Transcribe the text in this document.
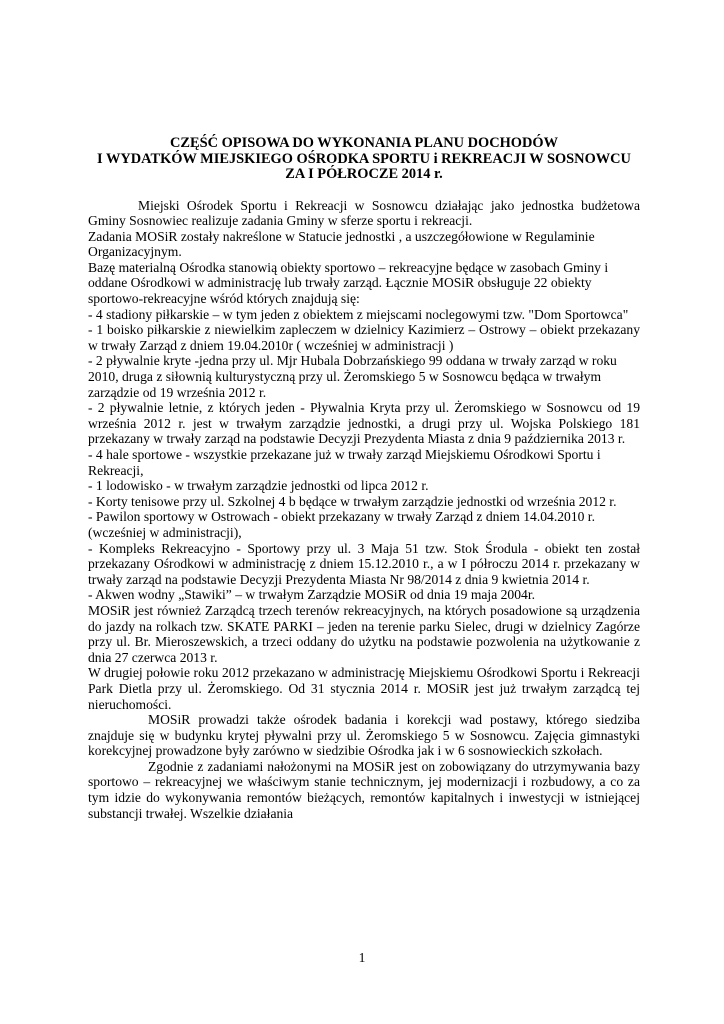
CZĘŚĆ OPISOWA DO WYKONANIA PLANU DOCHODÓW
I WYDATKÓW MIEJSKIEGO OŚRODKA SPORTU i REKREACJI W SOSNOWCU
ZA I PÓŁROCZE 2014 r.

Miejski Ośrodek Sportu i Rekreacji w Sosnowcu działając jako jednostka budżetowa Gminy Sosnowiec realizuje zadania Gminy w sferze sportu i rekreacji.

Zadania MOSiR zostały nakreślone w Statucie jednostki , a uszczegółowione w Regulaminie Organizacyjnym.

Bazę materialną Ośrodka stanowią obiekty sportowo – rekreacyjne będące w zasobach Gminy i oddane Ośrodkowi w administrację lub trwały zarząd. Łącznie MOSiR obsługuje 22 obiekty sportowo-rekreacyjne wśród których znajdują się:

- 4 stadiony piłkarskie – w tym jeden z obiektem z miejscami noclegowymi tzw. "Dom Sportowca"

- 1 boisko piłkarskie z niewielkim zapleczem w dzielnicy Kazimierz – Ostrowy – obiekt przekazany w trwały Zarząd z dniem 19.04.2010r ( wcześniej w administracji )

- 2 pływalnie kryte -jedna przy ul. Mjr Hubala Dobrzańskiego 99 oddana w trwały zarząd w roku 2010, druga z siłownią kulturystyczną przy ul. Żeromskiego 5 w Sosnowcu będąca w trwałym zarządzie od 19 września 2012 r.

- 2 pływalnie letnie, z których jeden - Pływalnia Kryta przy ul. Żeromskiego w Sosnowcu od 19 września 2012 r. jest w trwałym zarządzie jednostki, a drugi przy ul. Wojska Polskiego 181 przekazany w trwały zarząd na podstawie Decyzji Prezydenta Miasta z dnia 9 października 2013 r.

- 4 hale sportowe - wszystkie przekazane już w trwały zarząd Miejskiemu Ośrodkowi Sportu i Rekreacji,

- 1 lodowisko - w trwałym zarządzie jednostki od lipca 2012 r.

- Korty tenisowe przy ul. Szkolnej 4 b będące w trwałym zarządzie jednostki od września 2012 r.

- Pawilon sportowy w Ostrowach - obiekt przekazany w trwały Zarząd z dniem 14.04.2010 r. (wcześniej w administracji),

- Kompleks Rekreacyjno - Sportowy przy ul. 3 Maja 51 tzw. Stok Środula - obiekt ten został przekazany Ośrodkowi w administrację z dniem 15.12.2010 r., a w I półroczu 2014 r. przekazany w trwały zarząd na podstawie Decyzji Prezydenta Miasta Nr 98/2014 z dnia 9 kwietnia 2014 r.

- Akwen wodny „Stawiki” – w trwałym Zarządzie MOSiR od dnia 19 maja 2004r.

MOSiR jest również Zarządcą trzech terenów rekreacyjnych, na których posadowione są urządzenia do jazdy na rolkach tzw. SKATE PARKI – jeden na terenie parku Sielec, drugi w dzielnicy Zagórze przy ul. Br. Mieroszewskich, a trzeci oddany do użytku na podstawie pozwolenia na użytkowanie z dnia 27 czerwca 2013 r.

W drugiej połowie roku 2012 przekazano w administrację Miejskiemu Ośrodkowi Sportu i Rekreacji Park Dietla przy ul. Żeromskiego. Od 31 stycznia 2014 r. MOSiR jest już trwałym zarządcą tej nieruchomości.

MOSiR prowadzi także ośrodek badania i korekcji wad postawy, którego siedziba znajduje się w budynku krytej pływalni przy ul. Żeromskiego 5 w Sosnowcu. Zajęcia gimnastyki korekcyjnej prowadzone były zarówno w siedzibie Ośrodka jak i w 6 sosnowieckich szkołach.

Zgodnie z zadaniami nałożonymi na MOSiR jest on zobowiązany do utrzymywania bazy sportowo – rekreacyjnej we właściwym stanie technicznym, jej modernizacji i rozbudowy, a co za tym idzie do wykonywania remontów bieżących, remontów kapitalnych i inwestycji w istniejącej substancji trwałej. Wszelkie działania

1
